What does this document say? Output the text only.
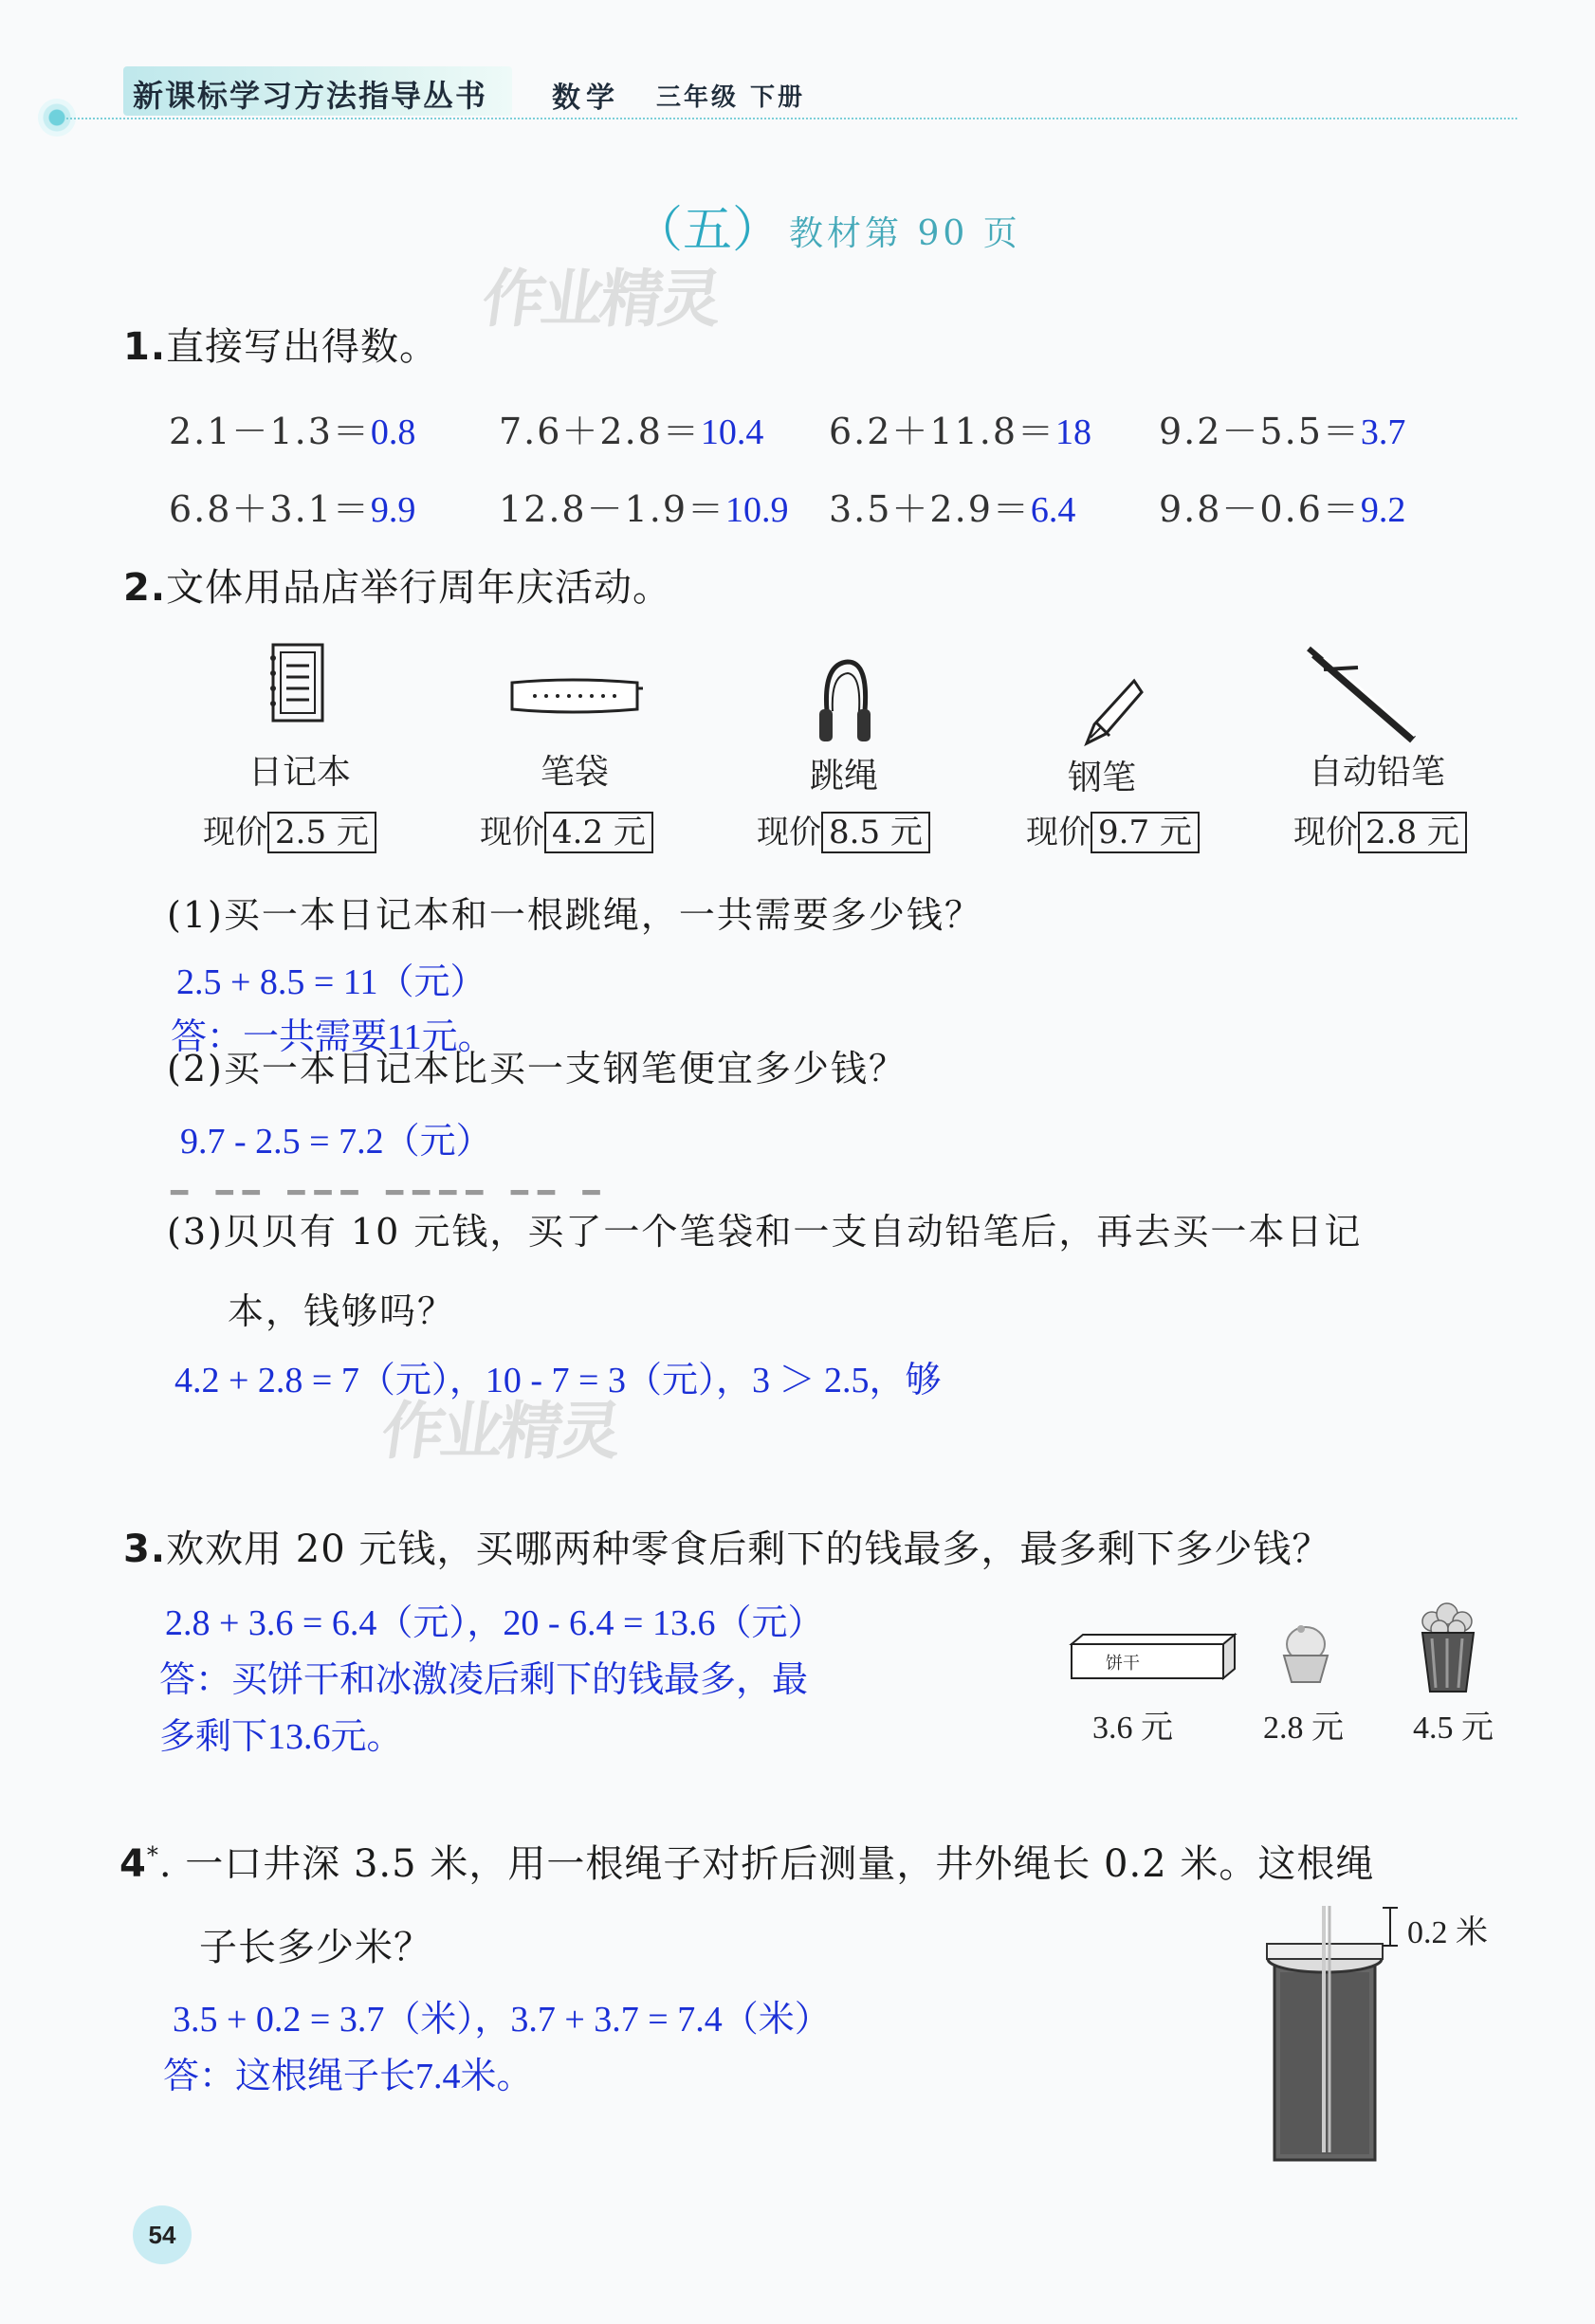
新课标学习方法指导丛书 数学 三年级 下册
（五） 教材第 90 页
作业精灵
1.直接写出得数。
2.1－1.3＝0.8 7.6＋2.8＝10.4 6.2＋11.8＝18 9.2－5.5＝3.7
6.8＋3.1＝9.9 12.8－1.9＝10.9 3.5＋2.9＝6.4 9.8－0.6＝9.2
2.文体用品店举行周年庆活动。
日记本	笔袋	跳绳	钢笔	自动铅笔
现价 2.5 元	现价 4.2 元	现价 8.5 元	现价 9.7 元	现价 2.8 元
(1)买一本日记本和一根跳绳，一共需要多少钱？
2.5 + 8.5 = 11（元）
答：一共需要11元。
(2)买一本日记本比买一支钢笔便宜多少钱？
9.7 - 2.5 = 7.2（元）
━ ━━ ━━━ ━━━━ ━━ ━
(3)贝贝有 10 元钱，买了一个笔袋和一支自动铅笔后，再去买一本日记
本，钱够吗？
4.2 + 2.8 = 7（元），10 - 7 = 3（元），3 ＞ 2.5，够
作业精灵
3.欢欢用 20 元钱，买哪两种零食后剩下的钱最多，最多剩下多少钱？
2.8 + 3.6 = 6.4（元），20 - 6.4 = 13.6（元）
答：买饼干和冰激凌后剩下的钱最多，最
多剩下13.6元。
饼干
3.6 元	2.8 元 4.5 元
4*. 一口井深 3.5 米，用一根绳子对折后测量，井外绳长 0.2 米。这根绳
子长多少米？
3.5 + 0.2 = 3.7（米），3.7 + 3.7 = 7.4（米）
答：这根绳子长7.4米。
0.2 米
54
